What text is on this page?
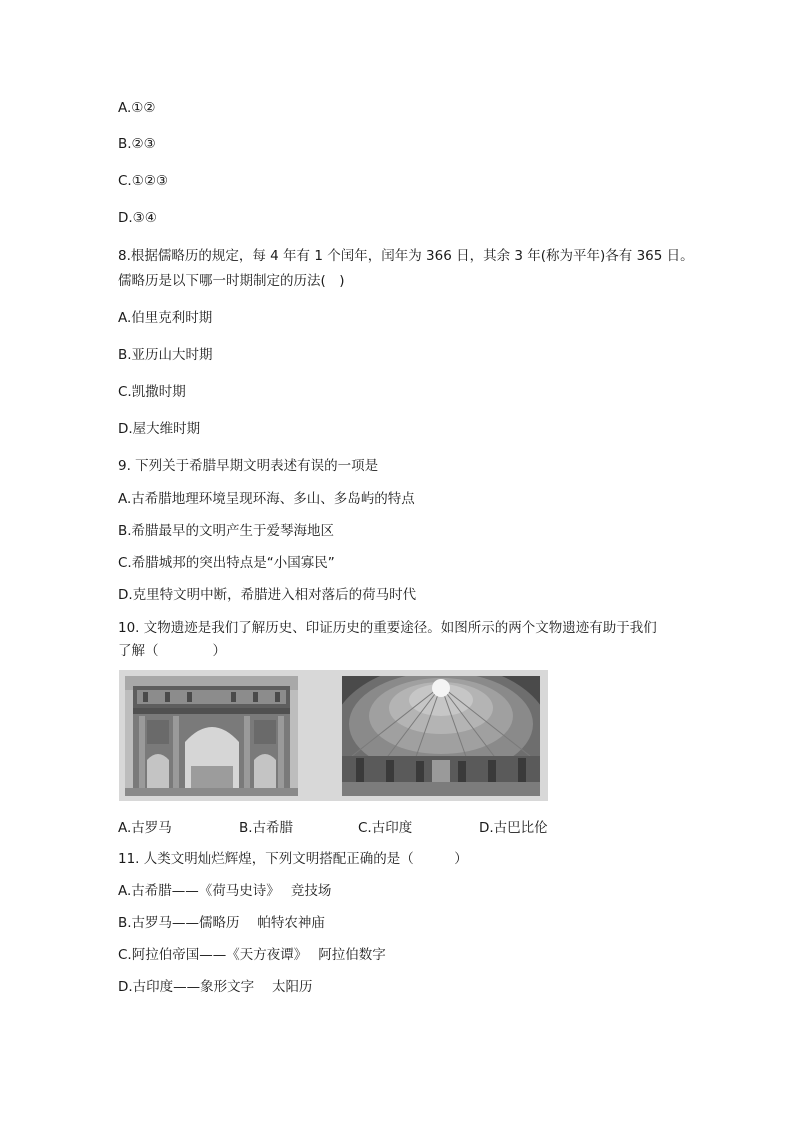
A.①②
B.②③
C.①②③
D.③④
8.根据儒略历的规定，每 4 年有 1 个闰年，闰年为 366 日，其余 3 年(称为平年)各有 365 日。
儒略历是以下哪一时期制定的历法(　)
A.伯里克利时期
B.亚历山大时期
C.凯撒时期
D.屋大维时期
9. 下列关于希腊早期文明表述有误的一项是
A.古希腊地理环境呈现环海、多山、多岛屿的特点
B.希腊最早的文明产生于爱琴海地区
C.希腊城邦的突出特点是“小国寡民”
D.克里特文明中断，希腊进入相对落后的荷马时代
10. 文物遗迹是我们了解历史、印证历史的重要途径。如图所示的两个文物遗迹有助于我们
了解（　　　　）
A.古罗马	B.古希腊	C.古印度	D.古巴比伦
11. 人类文明灿烂辉煌，下列文明搭配正确的是（　　　）
A.古希腊——《荷马史诗》　 竞技场
B.古罗马——儒略历　 帕特农神庙
C.阿拉伯帝国——《天方夜谭》　 阿拉伯数字
D.古印度——象形文字　 太阳历
